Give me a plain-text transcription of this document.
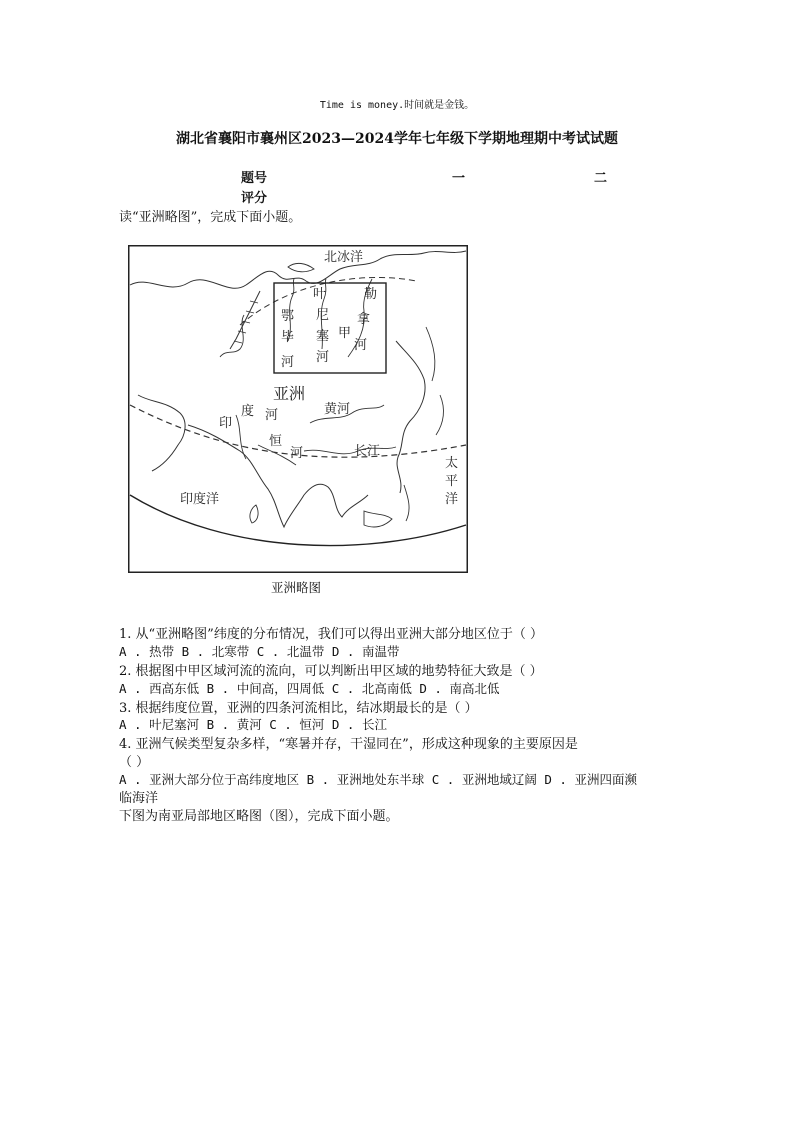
Time is money.时间就是金钱。
湖北省襄阳市襄州区2023—2024学年七年级下学期地理期中考试试题
题号
评分
一	二
读“亚洲略图”，完成下面小题。
北冰洋
亚洲
印度洋
鄂
毕
河
叶
尼
塞
河
甲
勒
拿
河
印
度 河
恒
河
黄河
长江
太
平
洋
亚洲略图
1. 从“亚洲略图”纬度的分布情况，我们可以得出亚洲大部分地区位于（ ）
A . 热带 B . 北寒带 C . 北温带 D . 南温带
2. 根据图中甲区域河流的流向，可以判断出甲区域的地势特征大致是（ ）
A . 西高东低 B . 中间高，四周低 C . 北高南低 D . 南高北低
3. 根据纬度位置，亚洲的四条河流相比，结冰期最长的是（ ）
A . 叶尼塞河 B . 黄河 C . 恒河 D . 长江
4. 亚洲气候类型复杂多样，“寒暑并存，干湿同在”，形成这种现象的主要原因是
（ ）
A . 亚洲大部分位于高纬度地区 B . 亚洲地处东半球 C . 亚洲地域辽阔 D . 亚洲四面濒
临海洋
下图为南亚局部地区略图（图），完成下面小题。
